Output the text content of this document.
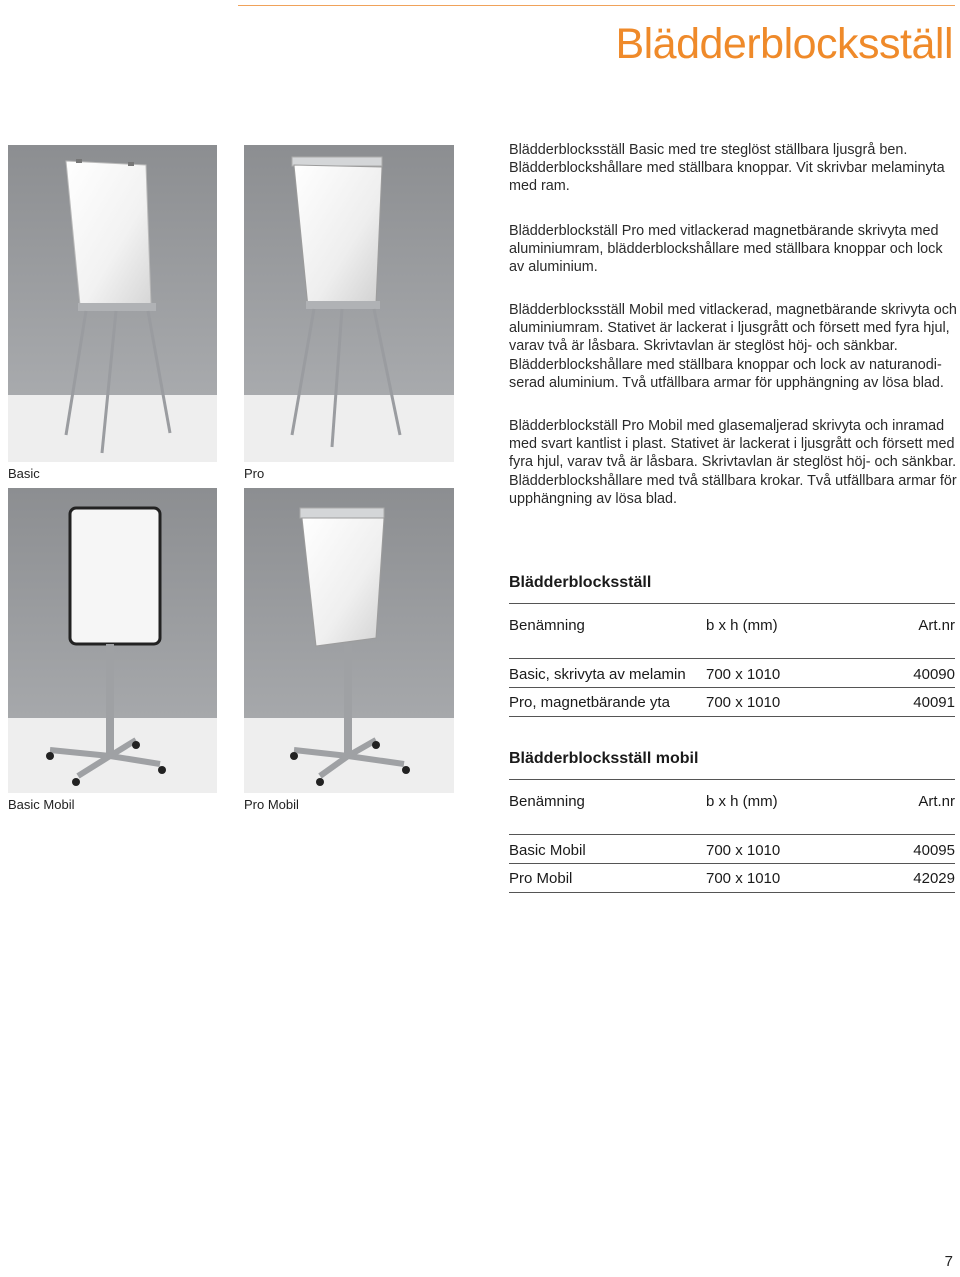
Blädderblocksställ
Basic	Pro
Basic Mobil	Pro Mobil

Blädderblocksställ Basic med tre steglöst ställbara ljusgrå ben. Blädderblockshållare med ställbara knoppar. Vit skrivbar melaminyta med ram.

Blädderblockställ Pro med vitlackerad magnetbärande skrivyta med aluminiumram, blädderblockshållare med ställbara knoppar och lock av aluminium.

Blädderblocksställ Mobil med vitlackerad, magnetbärande skrivyta och aluminiumram. Stativet är lackerat i ljusgrått och försett med fyra hjul, varav två är låsbara. Skrivtavlan är steglöst höj- och sänkbar. Blädderblockshållare med ställbara knoppar och lock av naturanodi-serad aluminium. Två utfällbara armar för upphängning av lösa blad.

Blädderblockställ Pro Mobil med glasemaljerad skrivyta och inramad med svart kantlist i plast. Stativet är lackerat i ljusgrått och försett med fyra hjul, varav två är låsbara. Skrivtavlan är steglöst höj- och sänkbar. Blädderblockshållare med två ställbara krokar. Två utfällbara armar för upphängning av lösa blad.

Blädderblocksställ
Benämning	b x h (mm)	Art.nr
Basic, skrivyta av melamin 700 x 1010	40090
Pro, magnetbärande yta 700 x 1010	40091
Blädderblocksställ mobil
Benämning	b x h (mm)	Art.nr
Basic Mobil	700 x 1010	40095
Pro Mobil	700 x 1010	42029
7
